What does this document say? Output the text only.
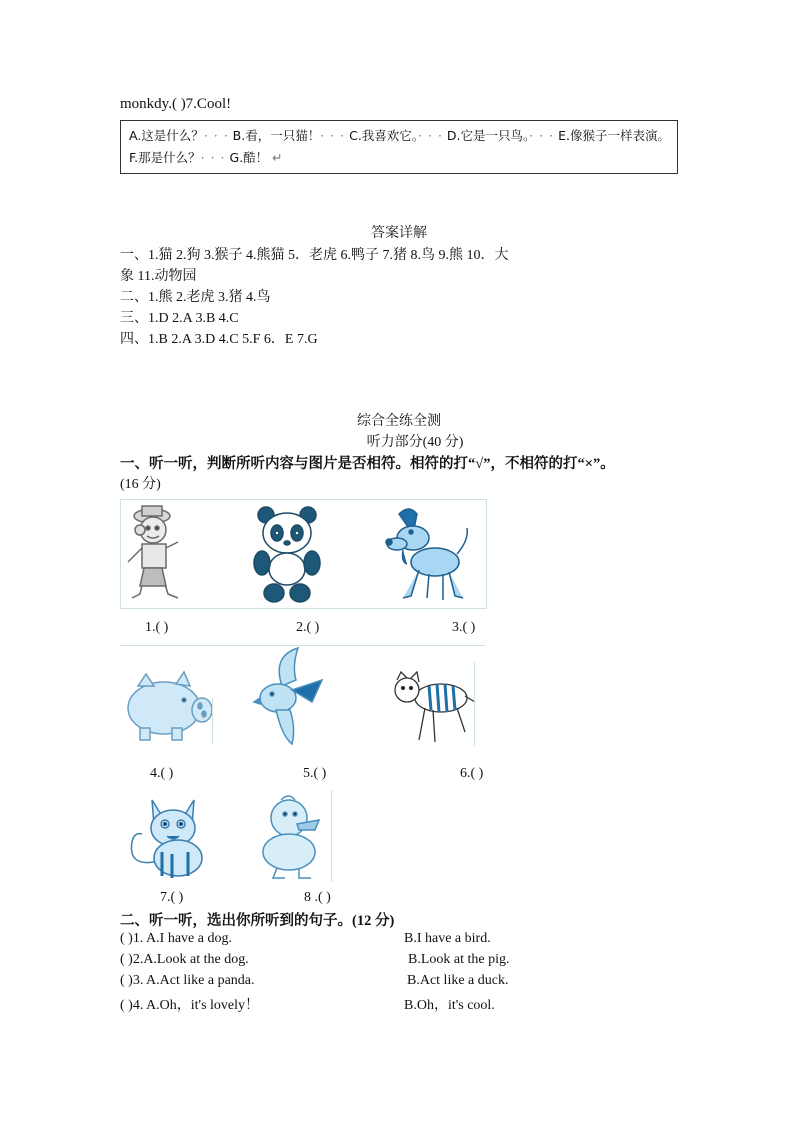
monkdy.( )7.Cool!
A.这是什么？· · · B.看，一只猫！· · · C.我喜欢它。· · · D.它是一只鸟。· · · E.像猴子一样表演。
F.那是什么？· · · G.酷！ ↵
答案详解
一、1.猫 2.狗 3.猴子 4.熊猫 5．老虎 6.鸭子 7.猪 8.鸟 9.熊 10．大
象 11.动物园
二、1.熊 2.老虎 3.猪 4.鸟
三、1.D 2.A 3.B 4.C
四、1.B 2.A 3.D 4.C 5.F 6．E 7.G
综合全练全测
听力部分(40 分)
一、听一听，判断所听内容与图片是否相符。相符的打“√”，不相符的打“×”。
(16 分)
1.( )	2.( )	3.( )
4.( )	5.( )	6.( )
7.( )	8 .( )
二、听一听，选出你所听到的句子。(12 分)
( )1. A.I have a dog.	B.I have a bird.
( )2.A.Look at the dog.	B.Look at the pig.
( )3. A.Act like a panda.	B.Act like a duck.
( )4. A.Oh，it's lovely！	B.Oh，it's cool.
